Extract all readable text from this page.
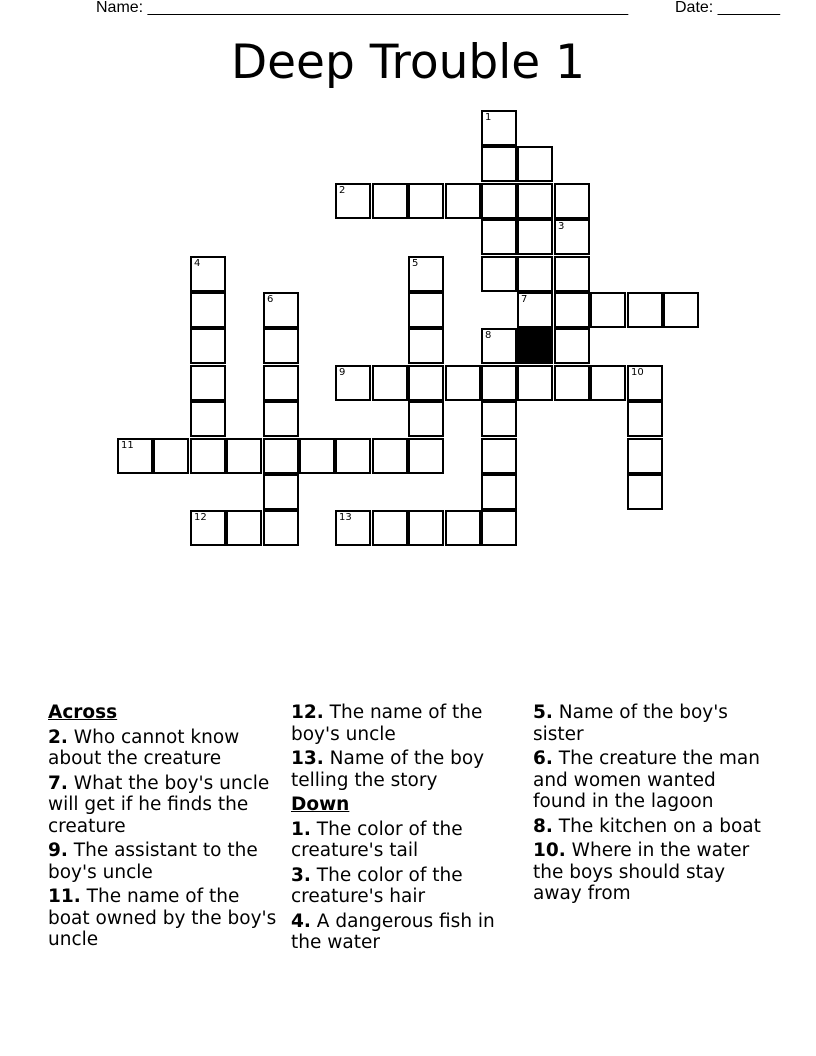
Name: ______________________________________________________	Date: _______
Deep Trouble 1
1
2
3
4	5
6	7
8
9	10
11
12	13
Across
2. Who cannot know about the creature
7. What the boy's uncle will get if he finds the creature
9. The assistant to the boy's uncle
11. The name of the boat owned by the boy's uncle
12. The name of the boy's uncle
13. Name of the boy telling the story
Down
1. The color of the creature's tail
3. The color of the creature's hair
4. A dangerous fish in the water
5. Name of the boy's sister
6. The creature the man and women wanted found in the lagoon
8. The kitchen on a boat
10. Where in the water the boys should stay away from
